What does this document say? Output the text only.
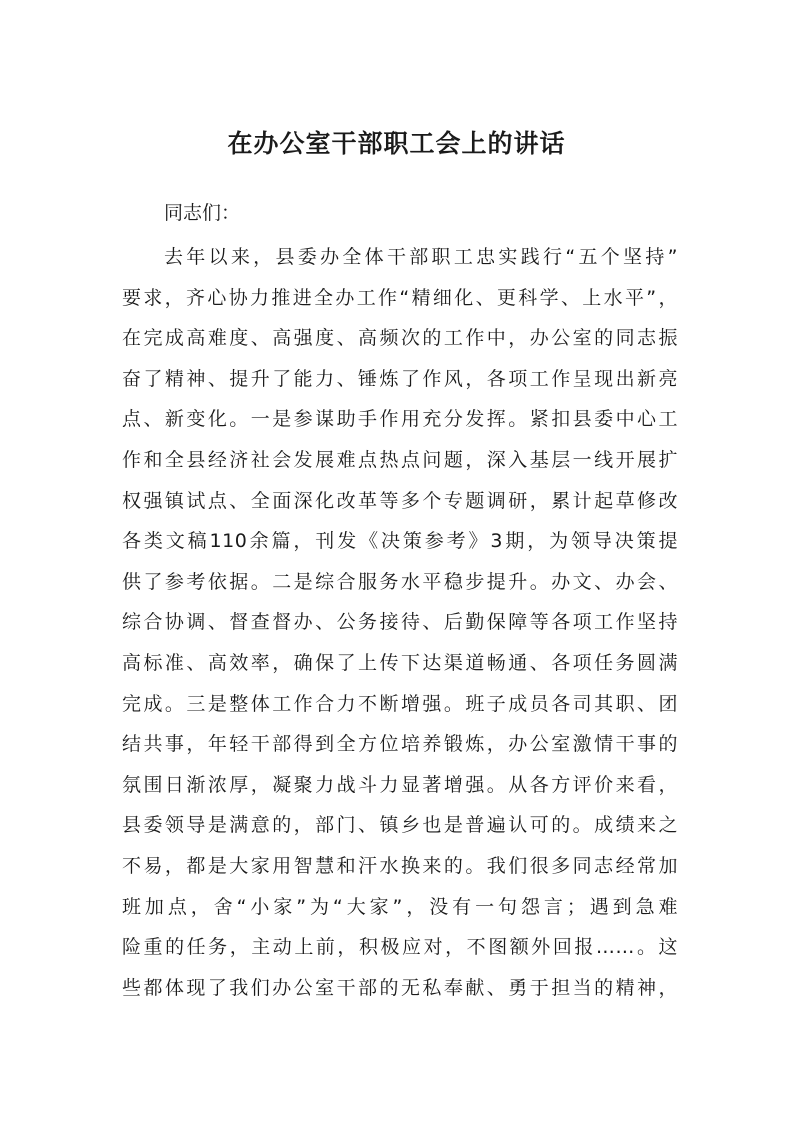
在办公室干部职工会上的讲话
同志们：
去年以来，县委办全体干部职工忠实践行“五个坚持”
要求，齐心协力推进全办工作“精细化、更科学、上水平”，
在完成高难度、高强度、高频次的工作中，办公室的同志振
奋了精神、提升了能力、锤炼了作风，各项工作呈现出新亮
点、新变化。一是参谋助手作用充分发挥。紧扣县委中心工
作和全县经济社会发展难点热点问题，深入基层一线开展扩
权强镇试点、全面深化改革等多个专题调研，累计起草修改
各类文稿110余篇，刊发《决策参考》3期，为领导决策提
供了参考依据。二是综合服务水平稳步提升。办文、办会、
综合协调、督查督办、公务接待、后勤保障等各项工作坚持
高标准、高效率，确保了上传下达渠道畅通、各项任务圆满
完成。三是整体工作合力不断增强。班子成员各司其职、团
结共事，年轻干部得到全方位培养锻炼，办公室激情干事的
氛围日渐浓厚，凝聚力战斗力显著增强。从各方评价来看，
县委领导是满意的，部门、镇乡也是普遍认可的。成绩来之
不易，都是大家用智慧和汗水换来的。我们很多同志经常加
班加点，舍“小家”为“大家”，没有一句怨言；遇到急难
险重的任务，主动上前，积极应对，不图额外回报……。这
些都体现了我们办公室干部的无私奉献、勇于担当的精神，
